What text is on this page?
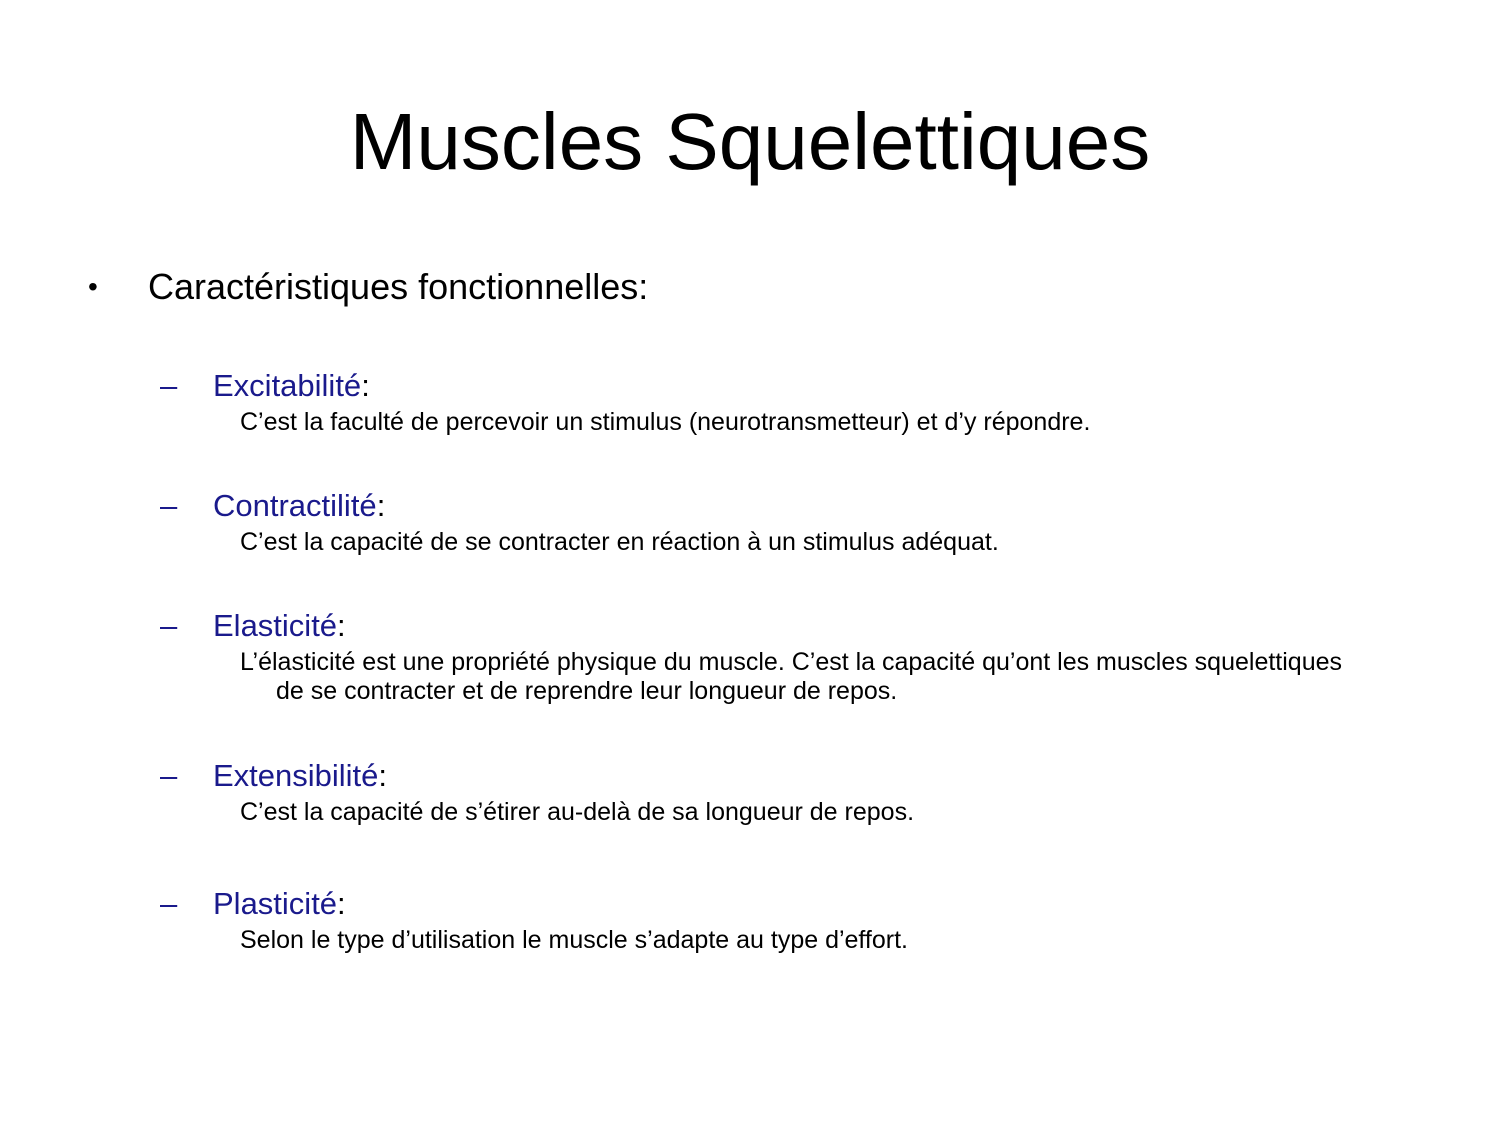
Muscles Squelettiques
• Caractéristiques fonctionnelles:
– Excitabilité:
C’est la faculté de percevoir un stimulus (neurotransmetteur) et d’y répondre.
– Contractilité:
C’est la capacité de se contracter en réaction à un stimulus adéquat.
– Elasticité:
L’élasticité est une propriété physique du muscle. C’est la capacité qu’ont les muscles squelettiques de se contracter et de reprendre leur longueur de repos.
– Extensibilité:
C’est la capacité de s’étirer au-delà de sa longueur de repos.
– Plasticité:
Selon le type d’utilisation le muscle s’adapte au type d’effort.
